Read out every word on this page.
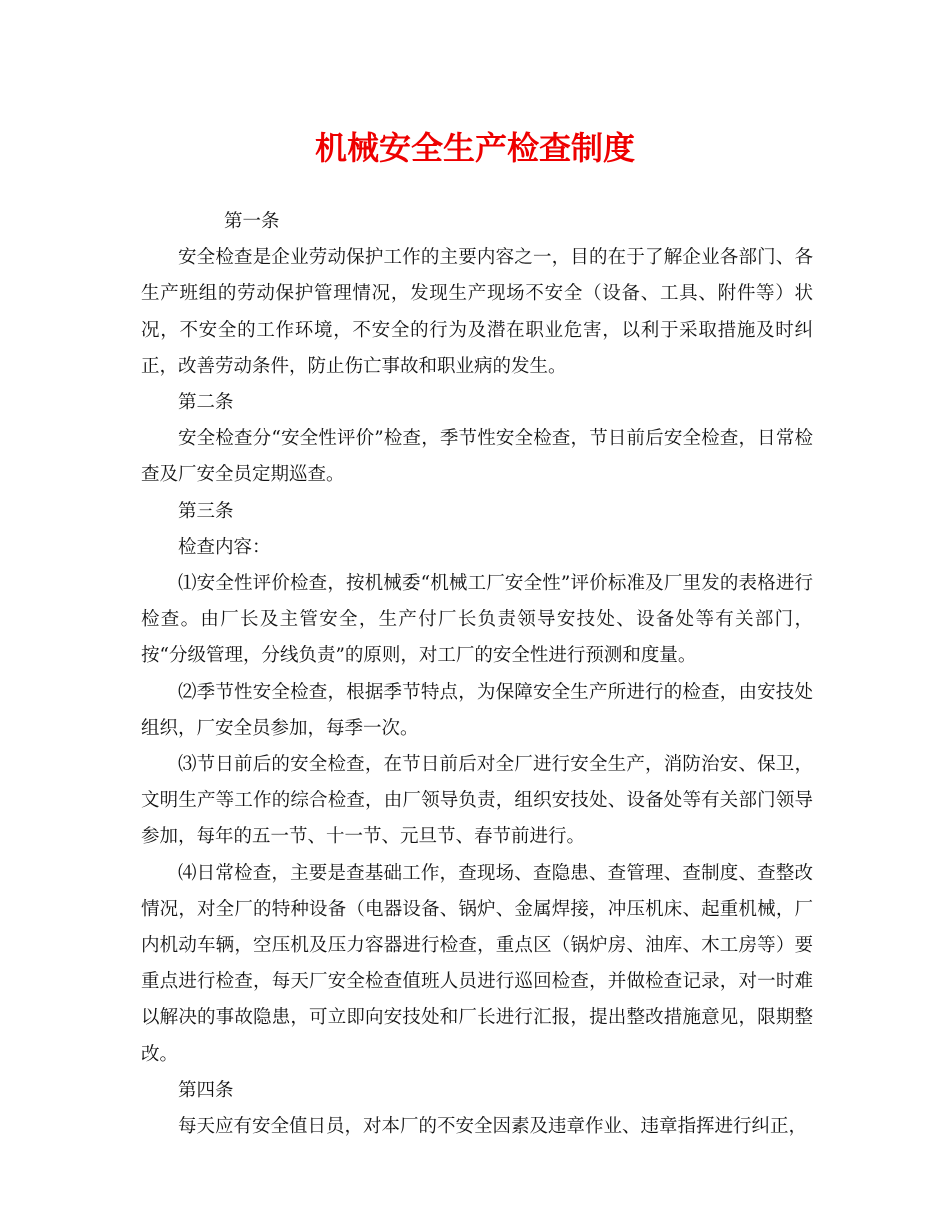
机械安全生产检查制度

第一条

安全检查是企业劳动保护工作的主要内容之一，目的在于了解企业各部门、各生产班组的劳动保护管理情况，发现生产现场不安全（设备、工具、附件等）状况，不安全的工作环境，不安全的行为及潜在职业危害，以利于采取措施及时纠正，改善劳动条件，防止伤亡事故和职业病的发生。

第二条

安全检查分“安全性评价”检查，季节性安全检查，节日前后安全检查，日常检查及厂安全员定期巡查。

第三条

检查内容：

⑴安全性评价检查，按机械委“机械工厂安全性”评价标准及厂里发的表格进行检查。由厂长及主管安全，生产付厂长负责领导安技处、设备处等有关部门，按“分级管理，分线负责”的原则，对工厂的安全性进行预测和度量。

⑵季节性安全检查，根据季节特点，为保障安全生产所进行的检查，由安技处组织，厂安全员参加，每季一次。

⑶节日前后的安全检查，在节日前后对全厂进行安全生产，消防治安、保卫，文明生产等工作的综合检查，由厂领导负责，组织安技处、设备处等有关部门领导参加，每年的五一节、十一节、元旦节、春节前进行。

⑷日常检查，主要是查基础工作，查现场、查隐患、查管理、查制度、查整改情况，对全厂的特种设备（电器设备、锅炉、金属焊接，冲压机床、起重机械，厂内机动车辆，空压机及压力容器进行检查，重点区（锅炉房、油库、木工房等）要重点进行检查，每天厂安全检查值班人员进行巡回检查，并做检查记录，对一时难以解决的事故隐患，可立即向安技处和厂长进行汇报，提出整改措施意见，限期整改。

第四条

每天应有安全值日员，对本厂的不安全因素及违章作业、违章指挥进行纠正，
